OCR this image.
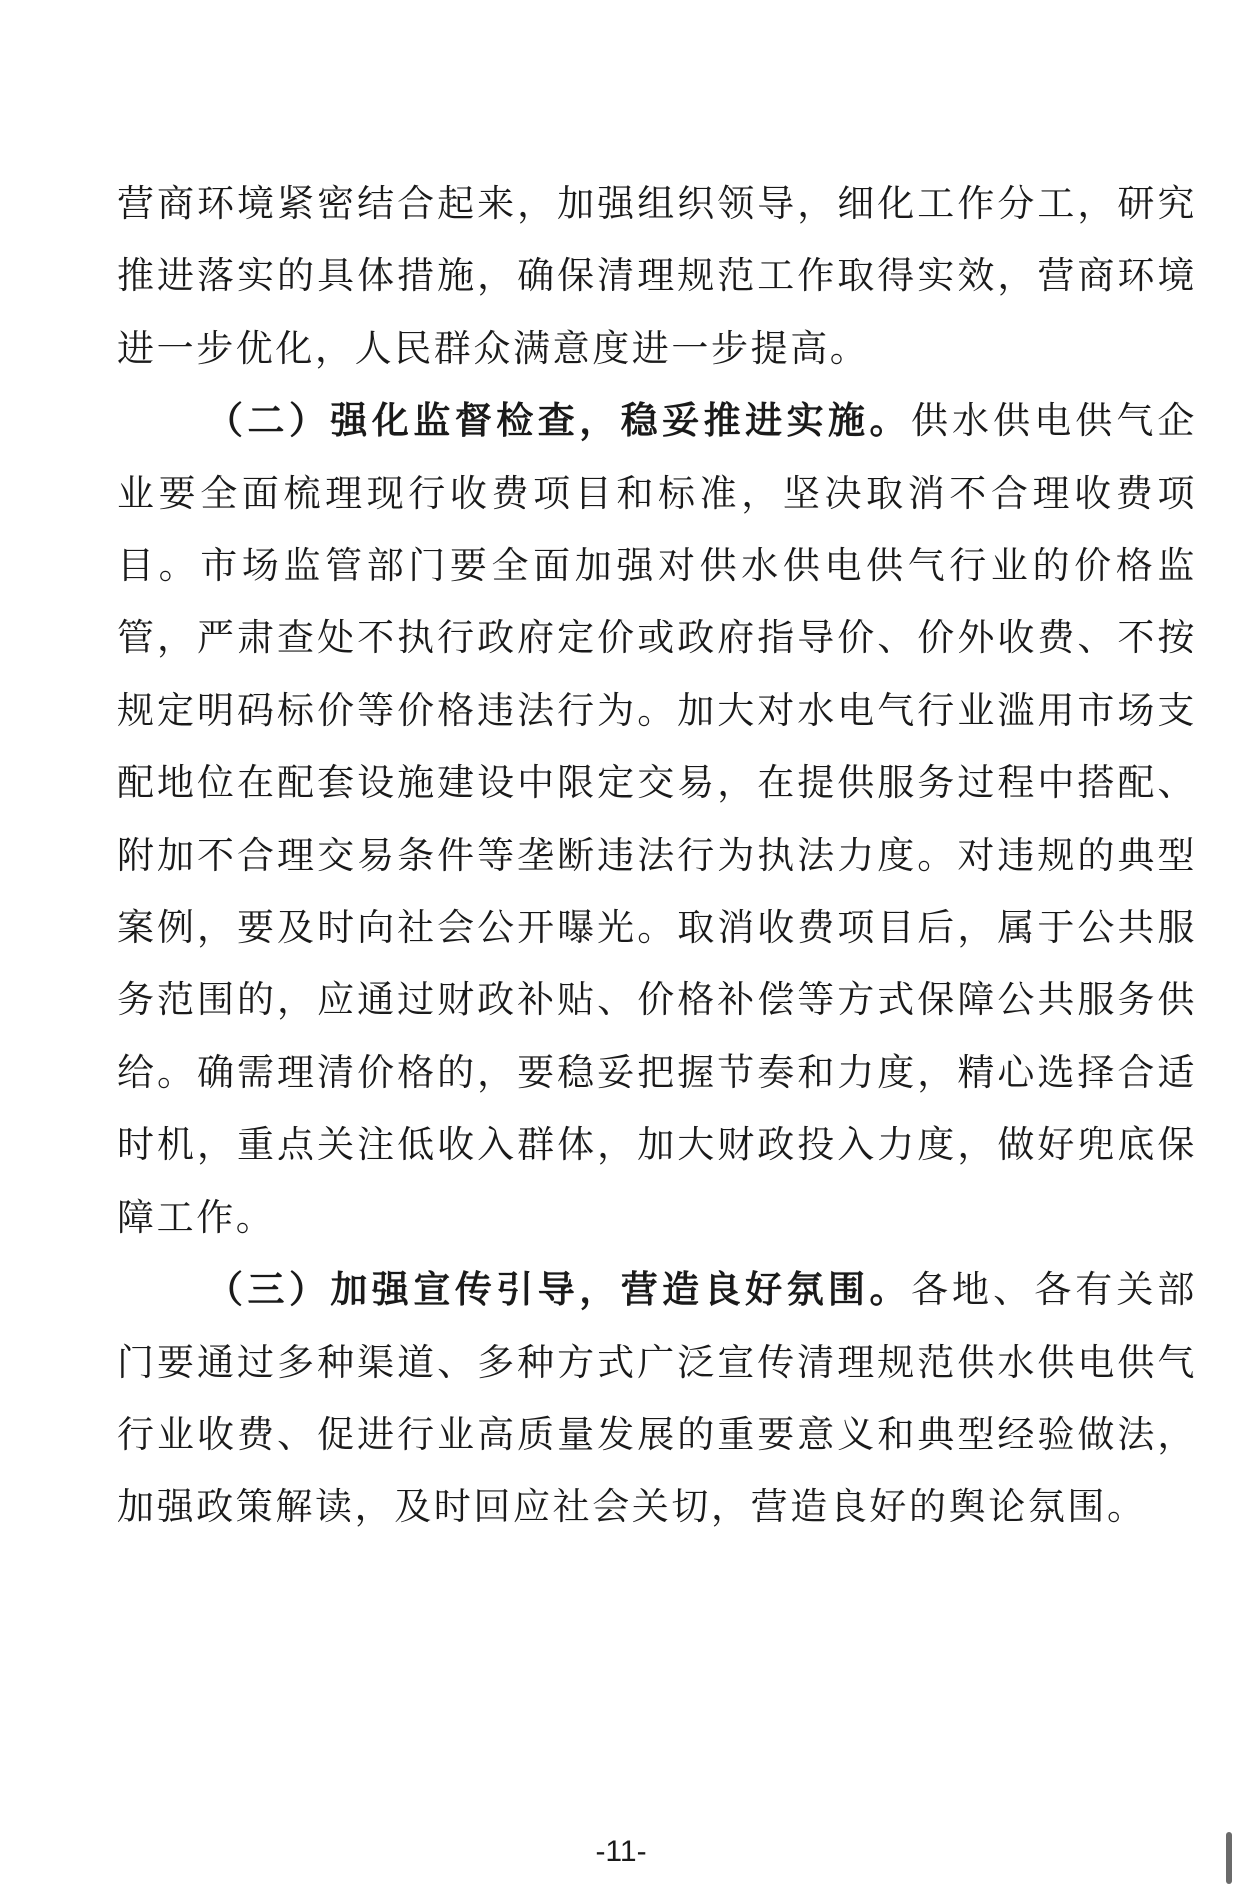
营商环境紧密结合起来，加强组织领导，细化工作分工，研究推进落实的具体措施，确保清理规范工作取得实效，营商环境进一步优化，人民群众满意度进一步提高。

（二）强化监督检查，稳妥推进实施。供水供电供气企业要全面梳理现行收费项目和标准，坚决取消不合理收费项目。市场监管部门要全面加强对供水供电供气行业的价格监管，严肃查处不执行政府定价或政府指导价、价外收费、不按规定明码标价等价格违法行为。加大对水电气行业滥用市场支配地位在配套设施建设中限定交易，在提供服务过程中搭配、附加不合理交易条件等垄断违法行为执法力度。对违规的典型案例，要及时向社会公开曝光。取消收费项目后，属于公共服务范围的，应通过财政补贴、价格补偿等方式保障公共服务供给。确需理清价格的，要稳妥把握节奏和力度，精心选择合适时机，重点关注低收入群体，加大财政投入力度，做好兜底保障工作。

（三）加强宣传引导，营造良好氛围。各地、各有关部门要通过多种渠道、多种方式广泛宣传清理规范供水供电供气行业收费、促进行业高质量发展的重要意义和典型经验做法，加强政策解读，及时回应社会关切，营造良好的舆论氛围。

-11-
